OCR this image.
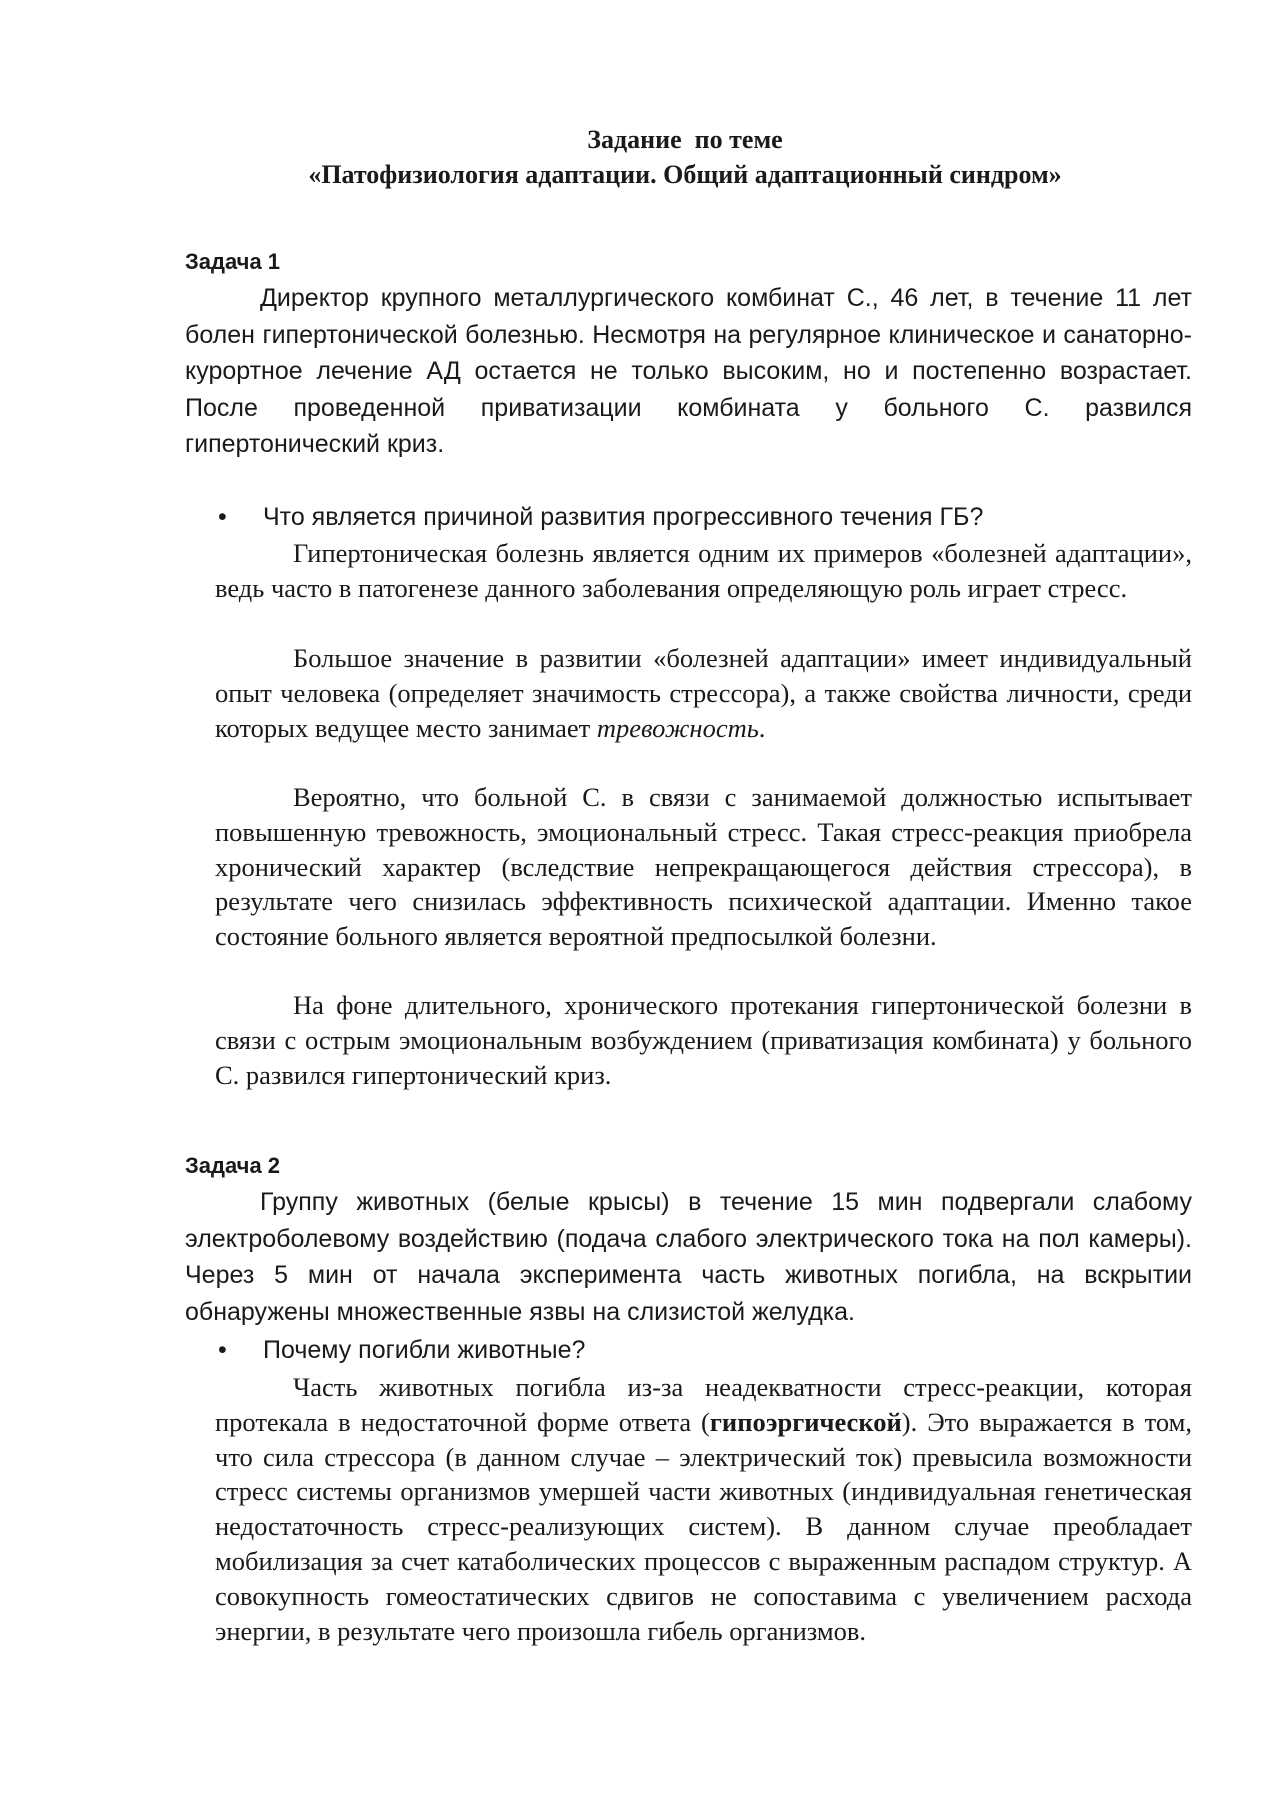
Задание  по теме
«Патофизиология адаптации. Общий адаптационный синдром»
Задача 1

Директор крупного металлургического комбинат С., 46 лет, в течение 11 лет болен гипертонической болезнью. Несмотря на регулярное клиническое и санаторно-курортное лечение АД остается не только высоким, но и постепенно возрастает. После проведенной приватизации комбината у больного С. развился гипертонический криз.

• Что является причиной развития прогрессивного течения ГБ?

Гипертоническая болезнь является одним их примеров «болезней адаптации», ведь часто в патогенезе данного заболевания определяющую роль играет стресс.

Большое значение в развитии «болезней адаптации» имеет индивидуальный опыт человека (определяет значимость стрессора), а также свойства личности, среди которых ведущее место занимает тревожность.

Вероятно, что больной С. в связи с занимаемой должностью испытывает повышенную тревожность, эмоциональный стресс. Такая стресс-реакция приобрела хронический характер (вследствие непрекращающегося действия стрессора), в результате чего снизилась эффективность психической адаптации. Именно такое состояние больного является вероятной предпосылкой болезни.

На фоне длительного, хронического протекания гипертонической болезни в связи с острым эмоциональным возбуждением (приватизация комбината) у больного С. развился гипертонический криз.

Задача 2

Группу животных (белые крысы) в течение 15 мин подвергали слабому электроболевому воздействию (подача слабого электрического тока на пол камеры). Через 5 мин от начала эксперимента часть животных погибла, на вскрытии обнаружены множественные язвы на слизистой желудка.

• Почему погибли животные?

Часть животных погибла из-за неадекватности стресс-реакции, которая протекала в недостаточной форме ответа (гипоэргической). Это выражается в том, что сила стрессора (в данном случае – электрический ток) превысила возможности стресс системы организмов умершей части животных (индивидуальная генетическая недостаточность стресс-реализующих систем). В данном случае преобладает мобилизация за счет катаболических процессов с выраженным распадом структур. А совокупность гомеостатических сдвигов не сопоставима с увеличением расхода энергии, в результате чего произошла гибель организмов.
